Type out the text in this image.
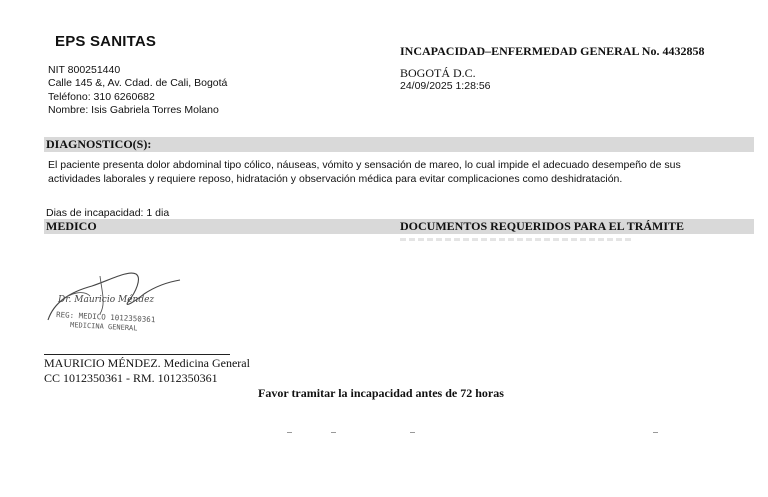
EPS SANITAS
NIT 800251440
Calle 145 &, Av. Cdad. de Cali, Bogotá
Teléfono: 310 6260682
Nombre: Isis Gabriela Torres Molano
INCAPACIDAD–ENFERMEDAD GENERAL No. 4432858
BOGOTÁ D.C.
24/09/2025 1:28:56
DIAGNOSTICO(S):
El paciente presenta dolor abdominal tipo cólico, náuseas, vómito y sensación de mareo, lo cual impide el adecuado desempeño de sus actividades laborales y requiere reposo, hidratación y observación médica para evitar complicaciones como deshidratación.
Dias de incapacidad: 1 dia
MEDICO	DOCUMENTOS REQUERIDOS PARA EL TRÁMITE
Dr. Mauricio Méndez
REG: MEDICO 1012350361
MEDICINA GENERAL
MAURICIO MÉNDEZ. Medicina General
CC 1012350361 - RM. 1012350361
Favor tramitar la incapacidad antes de 72 horas
